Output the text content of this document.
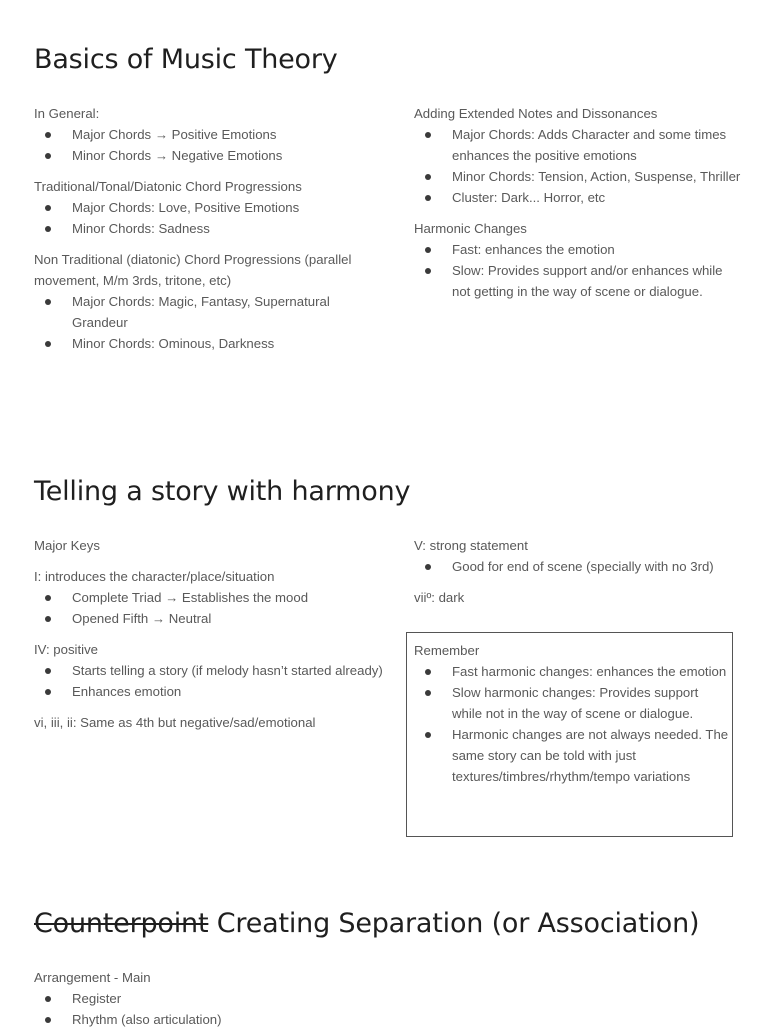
Basics of Music Theory

In General:

Major Chords → Positive Emotions
Minor Chords → Negative Emotions

Traditional/Tonal/Diatonic Chord Progressions

Major Chords: Love, Positive Emotions
Minor Chords: Sadness

Non Traditional (diatonic) Chord Progressions (parallel movement, M/m 3rds, tritone, etc)

Major Chords: Magic, Fantasy, Supernatural Grandeur
Minor Chords: Ominous, Darkness

Adding Extended Notes and Dissonances

Major Chords: Adds Character and some times enhances the positive emotions
Minor Chords: Tension, Action, Suspense, Thriller
Cluster: Dark... Horror, etc

Harmonic Changes

Fast: enhances the emotion
Slow: Provides support and/or enhances while not getting in the way of scene or dialogue.
Telling a story with harmony

Major Keys

I: introduces the character/place/situation

Complete Triad → Establishes the mood
Opened Fifth → Neutral

IV: positive

Starts telling a story (if melody hasn’t started already)
Enhances emotion

vi, iii, ii: Same as 4th but negative/sad/emotional

V: strong statement

Good for end of scene (specially with no 3rd)

viiº: dark

Remember

Fast harmonic changes: enhances the emotion
Slow harmonic changes: Provides support while not in the way of scene or dialogue.
Harmonic changes are not always needed. The same story can be told with just textures/timbres/rhythm/tempo variations
Counterpoint Creating Separation (or Association)

Arrangement - Main

Register
Rhythm (also articulation)
